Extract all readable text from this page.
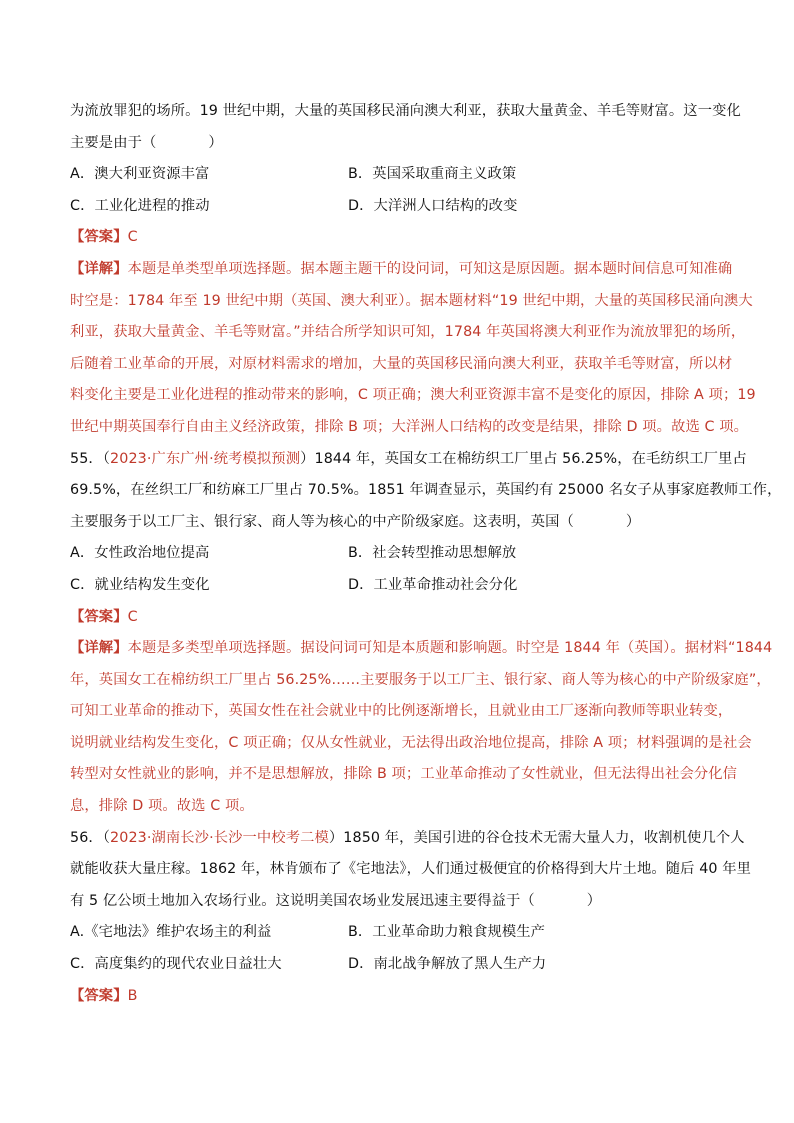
为流放罪犯的场所。19 世纪中期，大量的英国移民涌向澳大利亚，获取大量黄金、羊毛等财富。这一变化
主要是由于（	）
A．澳大利亚资源丰富	B．英国采取重商主义政策
C．工业化进程的推动	D．大洋洲人口结构的改变
【答案】C
【详解】本题是单类型单项选择题。据本题主题干的设问词，可知这是原因题。据本题时间信息可知准确
时空是：1784 年至 19 世纪中期（英国、澳大利亚）。据本题材料“19 世纪中期，大量的英国移民涌向澳大
利亚，获取大量黄金、羊毛等财富。”并结合所学知识可知，1784 年英国将澳大利亚作为流放罪犯的场所，
后随着工业革命的开展，对原材料需求的增加，大量的英国移民涌向澳大利亚，获取羊毛等财富，所以材
料变化主要是工业化进程的推动带来的影响，C 项正确；澳大利亚资源丰富不是变化的原因，排除 A 项；19
世纪中期英国奉行自由主义经济政策，排除 B 项；大洋洲人口结构的改变是结果，排除 D 项。故选 C 项。
55．（2023·广东广州·统考模拟预测）1844 年，英国女工在棉纺织工厂里占 56.25%，在毛纺织工厂里占
69.5%，在丝织工厂和纺麻工厂里占 70.5%。1851 年调查显示，英国约有 25000 名女子从事家庭教师工作，
主要服务于以工厂主、银行家、商人等为核心的中产阶级家庭。这表明，英国（	）
A．女性政治地位提高	B．社会转型推动思想解放
C．就业结构发生变化	D．工业革命推动社会分化
【答案】C
【详解】本题是多类型单项选择题。据设问词可知是本质题和影响题。时空是 1844 年（英国）。据材料“1844
年，英国女工在棉纺织工厂里占 56.25%……主要服务于以工厂主、银行家、商人等为核心的中产阶级家庭”，
可知工业革命的推动下，英国女性在社会就业中的比例逐渐增长，且就业由工厂逐渐向教师等职业转变，
说明就业结构发生变化，C 项正确；仅从女性就业，无法得出政治地位提高，排除 A 项；材料强调的是社会
转型对女性就业的影响，并不是思想解放，排除 B 项；工业革命推动了女性就业，但无法得出社会分化信
息，排除 D 项。故选 C 项。
56．（2023·湖南长沙·长沙一中校考二模）1850 年，美国引进的谷仓技术无需大量人力，收割机使几个人
就能收获大量庄稼。1862 年，林肯颁布了《宅地法》，人们通过极便宜的价格得到大片土地。随后 40 年里
有 5 亿公顷土地加入农场行业。这说明美国农场业发展迅速主要得益于（	）
A.《宅地法》维护农场主的利益	B．工业革命助力粮食规模生产
C．高度集约的现代农业日益壮大	D．南北战争解放了黑人生产力
【答案】B
